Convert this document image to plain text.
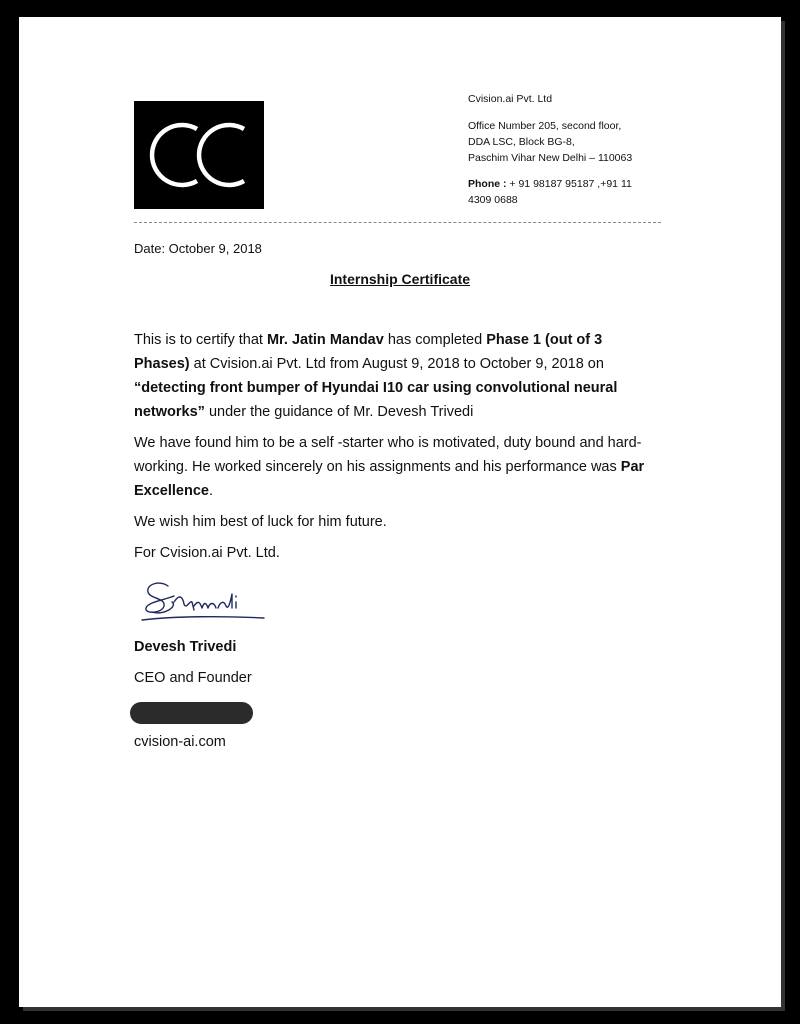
Cvision.ai Pvt. Ltd
Office Number 205, second floor,
DDA LSC, Block BG-8,
Paschim Vihar New Delhi – 110063
Phone : + 91 98187 95187 ,+91 11
4309 0688
Date: October 9, 2018
Internship Certificate

This is to certify that Mr. Jatin Mandav has completed Phase 1 (out of 3 Phases) at Cvision.ai Pvt. Ltd from August 9, 2018 to October 9, 2018 on “detecting front bumper of Hyundai I10 car using convolutional neural networks” under the guidance of Mr. Devesh Trivedi

We have found him to be a self -starter who is motivated, duty bound and hard-working. He worked sincerely on his assignments and his performance was Par Excellence.

We wish him best of luck for him future.

For Cvision.ai Pvt. Ltd.

Devesh Trivedi
CEO and Founder
cvision-ai.com
